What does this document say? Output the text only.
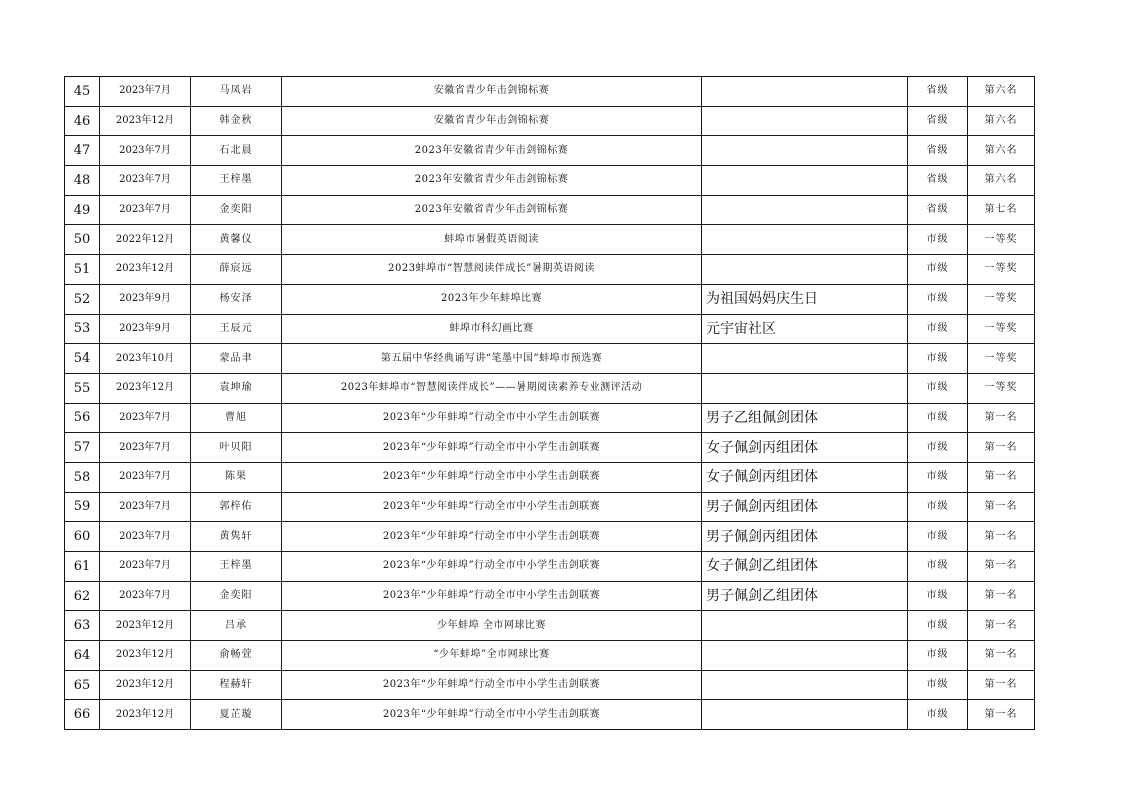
45	2023年7月	马凤岩	安徽省青少年击剑锦标赛		省级	第六名
46	2023年12月	韩金秋	安徽省青少年击剑锦标赛		省级	第六名
47	2023年7月	石北晨	2023年安徽省青少年击剑锦标赛		省级	第六名
48	2023年7月	王梓墨	2023年安徽省青少年击剑锦标赛		省级	第六名
49	2023年7月	金奕阳	2023年安徽省青少年击剑锦标赛		省级	第七名
50	2022年12月	黄馨仪	蚌埠市暑假英语阅读		市级	一等奖
51	2023年12月	薛宸远	2023蚌埠市“智慧阅读伴成长”暑期英语阅读		市级	一等奖
52	2023年9月	杨安泽	2023年少年蚌埠比赛	为祖国妈妈庆生日	市级	一等奖
53	2023年9月	王辰元	蚌埠市科幻画比赛	元宇宙社区	市级	一等奖
54	2023年10月	蒙品聿	第五届中华经典诵写讲“笔墨中国”蚌埠市预选赛		市级	一等奖
55	2023年12月	袁坤瑜	2023年蚌埠市“智慧阅读伴成长”——暑期阅读素养专业测评活动		市级	一等奖
56	2023年7月	曹旭	2023年“少年蚌埠”行动全市中小学生击剑联赛	男子乙组佩剑团体	市级	第一名
57	2023年7月	叶贝阳	2023年“少年蚌埠”行动全市中小学生击剑联赛	女子佩剑丙组团体	市级	第一名
58	2023年7月	陈果	2023年“少年蚌埠”行动全市中小学生击剑联赛	女子佩剑丙组团体	市级	第一名
59	2023年7月	郭梓佑	2023年“少年蚌埠”行动全市中小学生击剑联赛	男子佩剑丙组团体	市级	第一名
60	2023年7月	黄隽轩	2023年“少年蚌埠”行动全市中小学生击剑联赛	男子佩剑丙组团体	市级	第一名
61	2023年7月	王梓墨	2023年“少年蚌埠”行动全市中小学生击剑联赛	女子佩剑乙组团体	市级	第一名
62	2023年7月	金奕阳	2023年“少年蚌埠”行动全市中小学生击剑联赛	男子佩剑乙组团体	市级	第一名
63	2023年12月	吕承	少年蚌埠 全市网球比赛		市级	第一名
64	2023年12月	俞畅萱	“少年蚌埠”全市网球比赛		市级	第一名
65	2023年12月	程赫轩	2023年“少年蚌埠”行动全市中小学生击剑联赛		市级	第一名
66	2023年12月	夏芷璇	2023年“少年蚌埠”行动全市中小学生击剑联赛		市级	第一名
